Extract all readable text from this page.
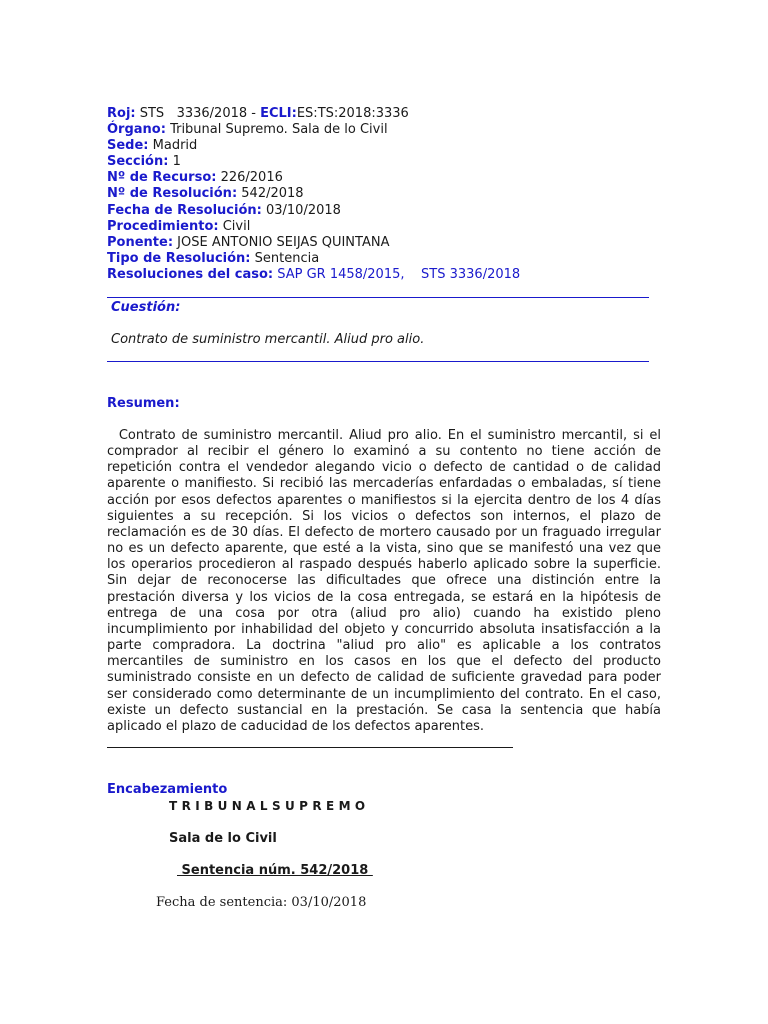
Roj: STS   3336/2018 - ECLI:ES:TS:2018:3336
Órgano: Tribunal Supremo. Sala de lo Civil
Sede: Madrid
Sección: 1
Nº de Recurso: 226/2016
Nº de Resolución: 542/2018
Fecha de Resolución: 03/10/2018
Procedimiento: Civil
Ponente: JOSE ANTONIO SEIJAS QUINTANA
Tipo de Resolución: Sentencia
Resoluciones del caso: SAP GR 1458/2015,    STS 3336/2018
Cuestión:
Contrato de suministro mercantil. Aliud pro alio.
Resumen:
Contrato de suministro mercantil. Aliud pro alio. En el suministro mercantil, si el comprador al recibir el género lo examinó a su contento no tiene acción de repetición contra el vendedor alegando vicio o defecto de cantidad o de calidad aparente o manifiesto. Si recibió las mercaderías enfardadas o embaladas, sí tiene acción por esos defectos aparentes o manifiestos si la ejercita dentro de los 4 días siguientes a su recepción. Si los vicios o defectos son internos, el plazo de reclamación es de 30 días. El defecto de mortero causado por un fraguado irregular no es un defecto aparente, que esté a la vista, sino que se manifestó una vez que los operarios procedieron al raspado después haberlo aplicado sobre la superficie. Sin dejar de reconocerse las dificultades que ofrece una distinción entre la prestación diversa y los vicios de la cosa entregada, se estará en la hipótesis de entrega de una cosa por otra (aliud pro alio) cuando ha existido pleno incumplimiento por inhabilidad del objeto y concurrido absoluta insatisfacción a la parte compradora. La doctrina "aliud pro alio" es aplicable a los contratos mercantiles de suministro en los casos en los que el defecto del producto suministrado consiste en un defecto de calidad de suficiente gravedad para poder ser considerado como determinante de un incumplimiento del contrato. En el caso, existe un defecto sustancial en la prestación. Se casa la sentencia que había aplicado el plazo de caducidad de los defectos aparentes.
Encabezamiento
TRIBUNALSUPREMO
Sala de lo Civil
Sentencia núm. 542/2018
Fecha de sentencia: 03/10/2018
